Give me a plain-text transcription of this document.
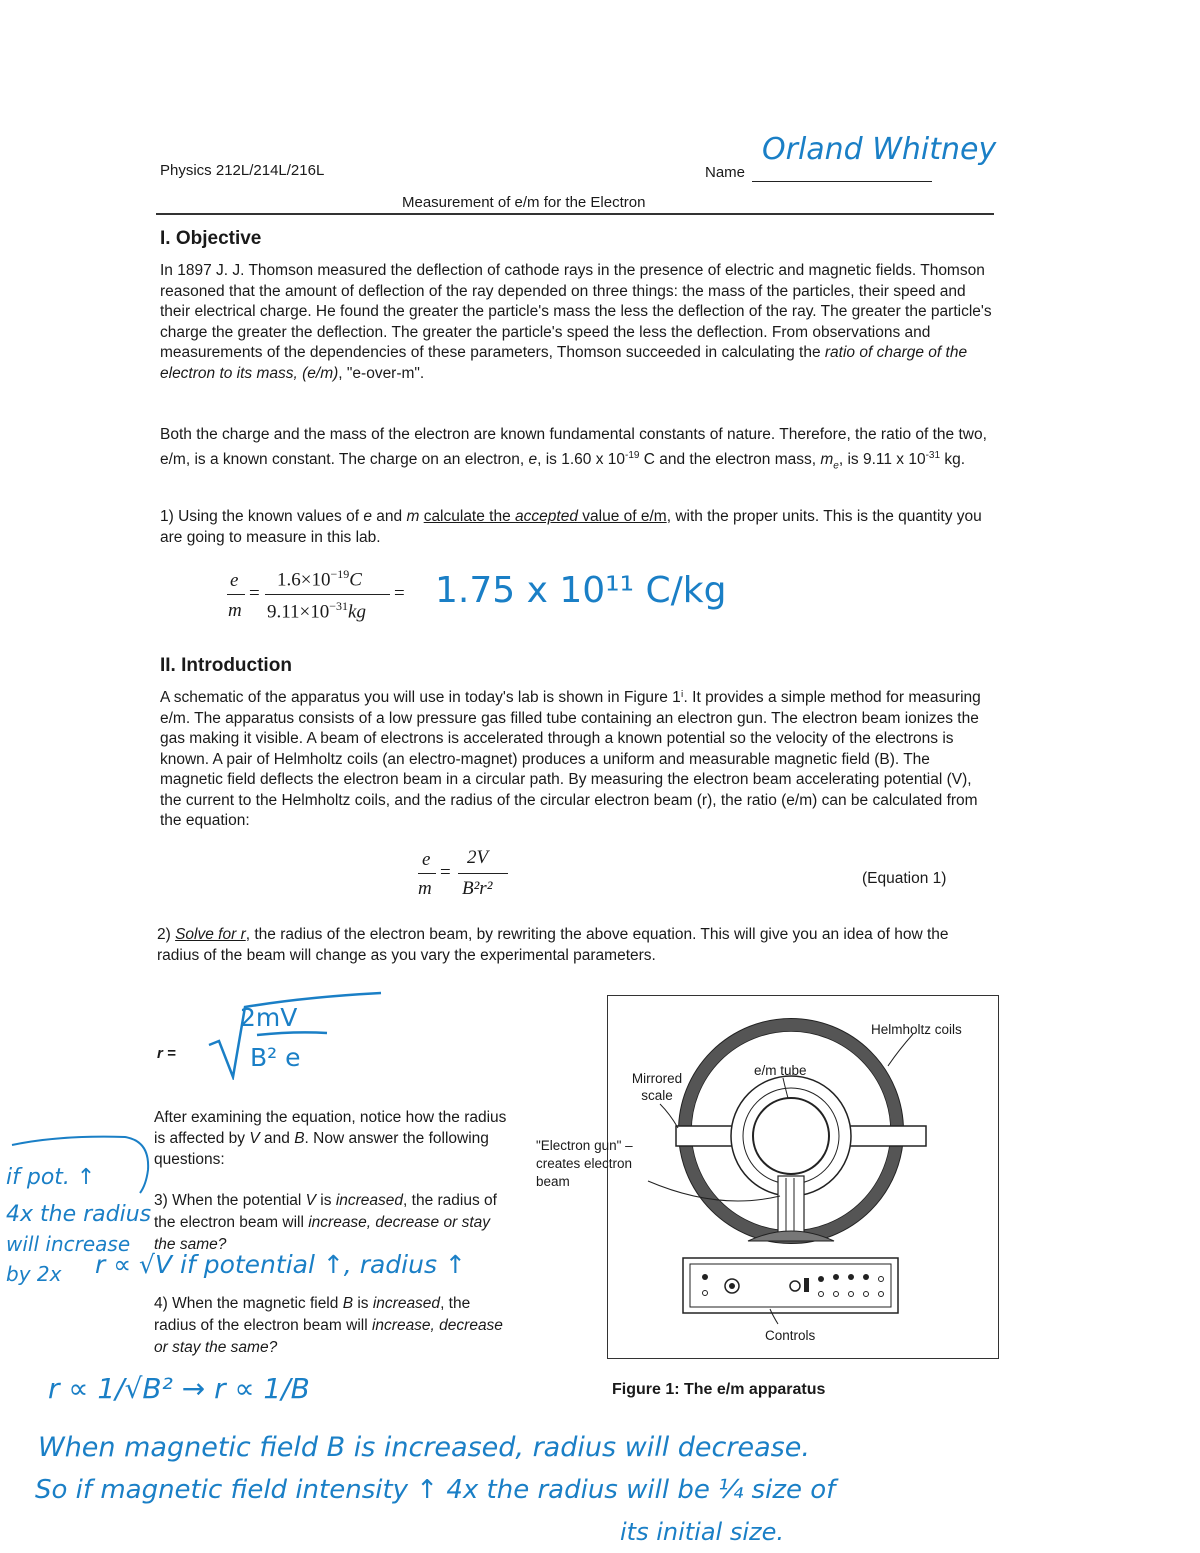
Physics 212L/214L/216L	Name
Orland Whitney
Measurement of e/m for the Electron
I. Objective
In 1897 J. J. Thomson measured the deflection of cathode rays in the presence of electric and magnetic fields. Thomson reasoned that the amount of deflection of the ray depended on three things: the mass of the particles, their speed and their electrical charge. He found the greater the particle's mass the less the deflection of the ray. The greater the particle's charge the greater the deflection. The greater the particle's speed the less the deflection. From observations and measurements of the dependencies of these parameters, Thomson succeeded in calculating the ratio of charge of the electron to its mass, (e/m), "e-over-m".
Both the charge and the mass of the electron are known fundamental constants of nature. Therefore, the ratio of the two, e/m, is a known constant. The charge on an electron, e, is 1.60 x $10^{-19}$ C and the electron mass, $m_e$, is 9.11 x $10^{-31}$ kg.
1) Using the known values of e and m calculate the accepted value of e/m, with the proper units. This is the quantity you are going to measure in this lab.
e
m
=
$1.6\times 10^{-19}C$
$9.11\times 10^{-31}kg$
= 1.75 x 10¹¹ C/kg
II. Introduction
A schematic of the apparatus you will use in today's lab is shown in Figure 1ⁱ. It provides a simple method for measuring e/m. The apparatus consists of a low pressure gas filled tube containing an electron gun. The electron beam ionizes the gas making it visible. A beam of electrons is accelerated through a known potential so the velocity of the electrons is known. A pair of Helmholtz coils (an electro-magnet) produces a uniform and measurable magnetic field (B). The magnetic field deflects the electron beam in a circular path. By measuring the electron beam accelerating potential (V), the current to the Helmholtz coils, and the radius of the circular electron beam (r), the ratio (e/m) can be calculated from the equation:
e
m
=
2V
B²r²	(Equation 1)
2) Solve for r, the radius of the electron beam, by rewriting the above equation. This will give you an idea of how the radius of the beam will change as you vary the experimental parameters.
r =
2mV
B² e
After examining the equation, notice how the radius is affected by V and B. Now answer the following questions:
3) When the potential V is increased, the radius of the electron beam will increase, decrease or stay the same?
4) When the magnetic field B is increased, the radius of the electron beam will increase, decrease or stay the same?
Helmholtz coils
e/m tube
Mirrored scale
Controls
"Electron gun" – creates electron beam
Figure 1: The e/m apparatus
if pot. ↑
4x the radius
will increase
by 2x r ∝ √V if potential ↑, radius ↑
r ∝ 1/√B² → r ∝ 1/B
When magnetic field B is increased, radius will decrease.
So if magnetic field intensity ↑ 4x the radius will be ¼ size of
its initial size.
